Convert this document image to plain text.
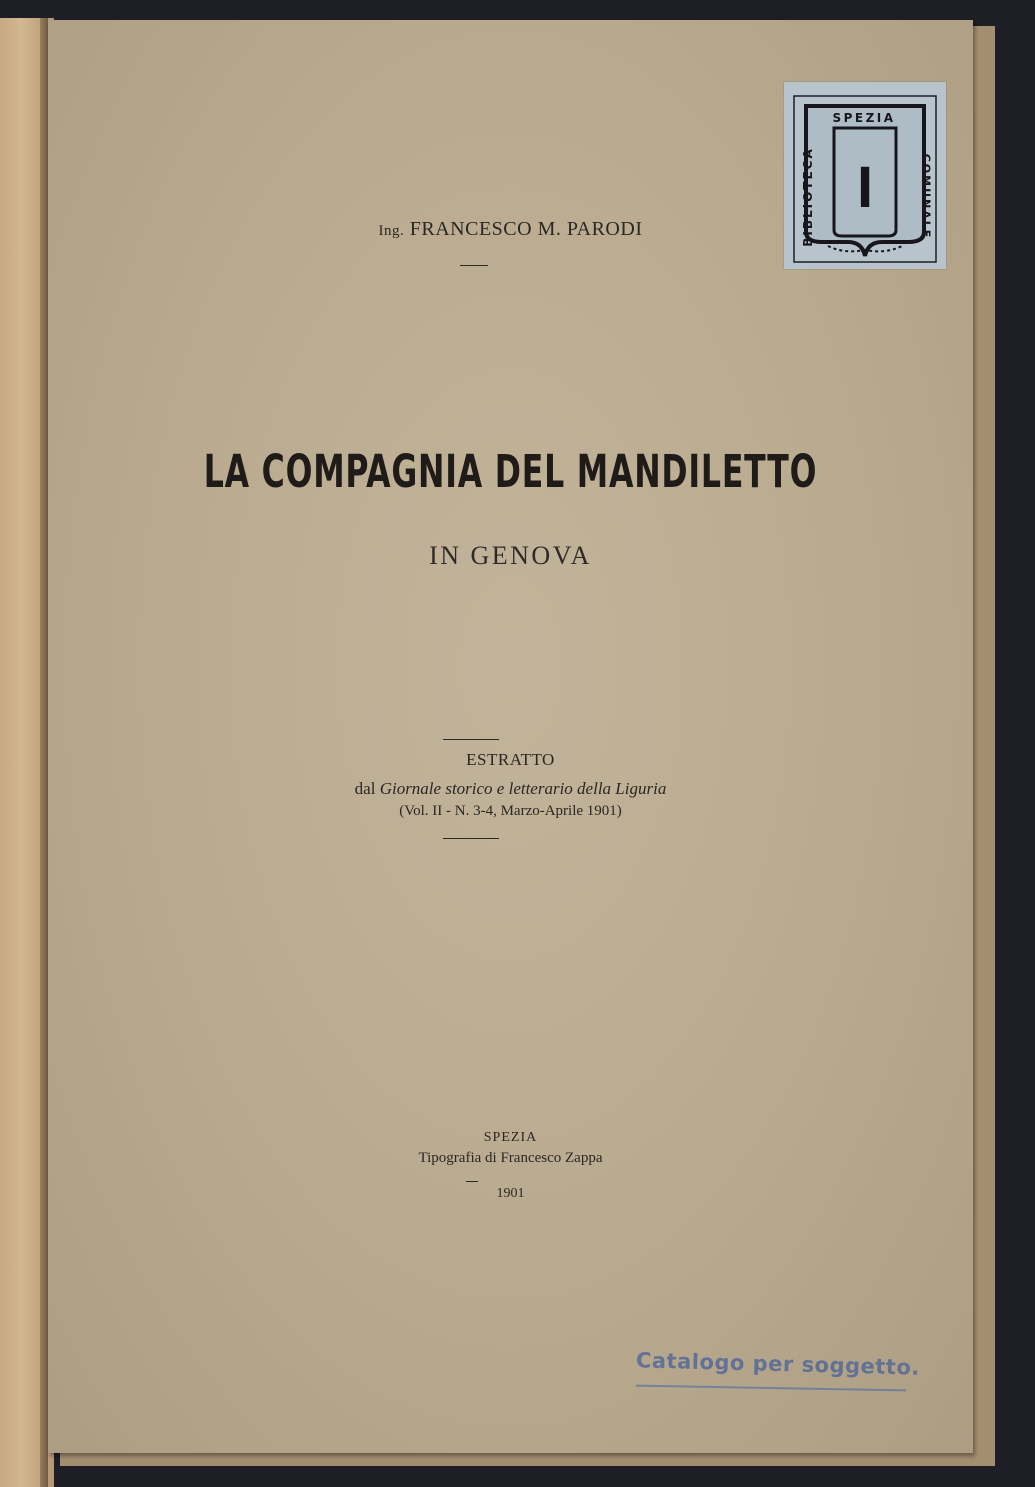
Ing. FRANCESCO M. PARODI
LA COMPAGNIA DEL MANDILETTO
IN GENOVA
ESTRATTO
dal Giornale storico e letterario della Liguria
(Vol. II - N. 3-4, Marzo-Aprile 1901)
SPEZIA
Tipografia di Francesco Zappa
1901
SPEZIA
BIBLIOTECA	COMUNALE
I
Catalogo per soggetto.
